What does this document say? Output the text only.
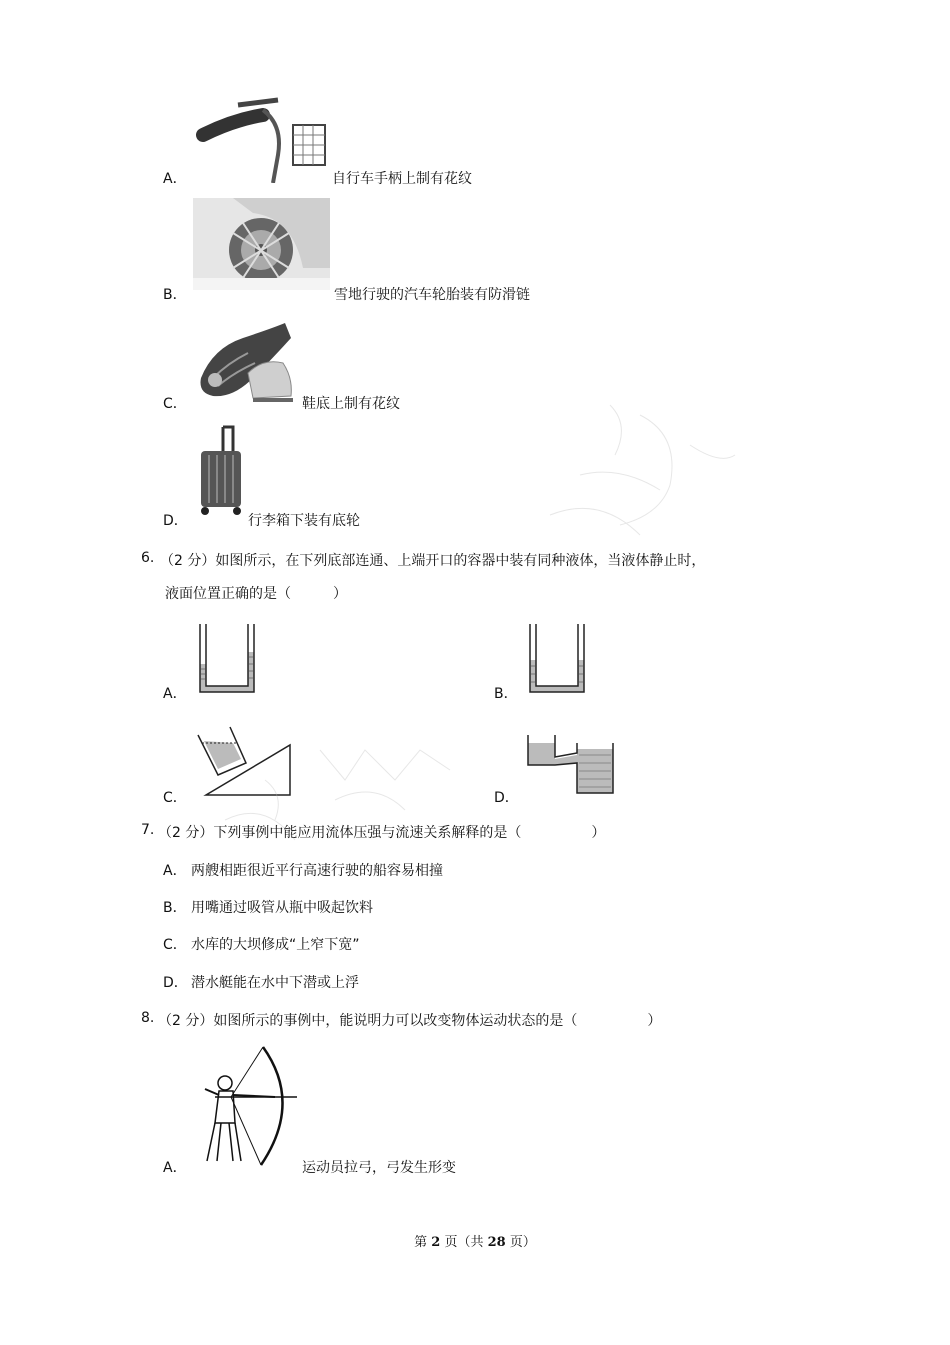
A．	自行车手柄上制有花纹
B．	雪地行驶的汽车轮胎装有防滑链
C．	鞋底上制有花纹
D．	行李箱下装有底轮
6. （2 分）如图所示，在下列底部连通、上端开口的容器中装有同种液体，当液体静止时，
液面位置正确的是（　　　）
A．	B．
C．	D．
7. （2 分）下列事例中能应用流体压强与流速关系解释的是（　　　　　）
A． 两艘相距很近平行高速行驶的船容易相撞
B． 用嘴通过吸管从瓶中吸起饮料
C． 水库的大坝修成“上窄下宽”
D． 潜水艇能在水中下潜或上浮
8. （2 分）如图所示的事例中，能说明力可以改变物体运动状态的是（　　　　　）
A．	运动员拉弓，弓发生形变
第 2 页（共 28 页）
